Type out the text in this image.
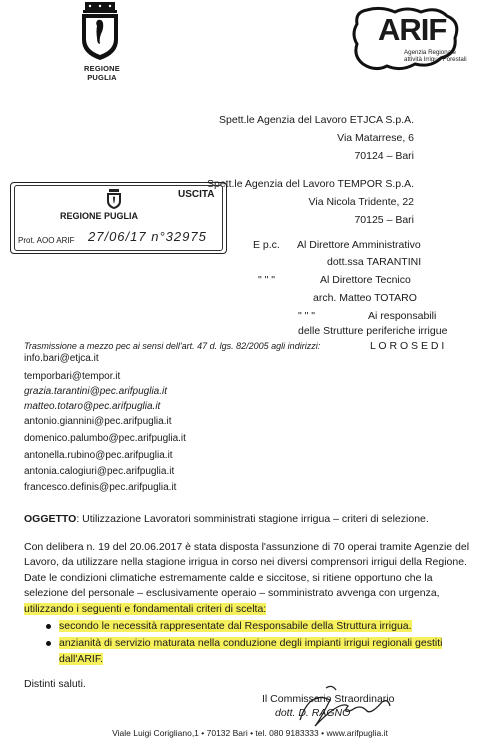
REGIONE PUGLIA
ARIF
Agenzia Regionale
attività Irrigue Forestali
Spett.le Agenzia del Lavoro ETJCA S.p.A.
Via Matarrese, 6
70124 – Bari
Spett.le Agenzia del Lavoro TEMPOR S.p.A.
Via Nicola Tridente, 22
70125 – Bari
E p.c. Al Direttore Amministrativo
dott.ssa TARANTINI
" " "	Al Direttore Tecnico
arch. Matteo TOTARO
" " "	Ai responsabili
delle Strutture periferiche irrigue
L O R O S E D I
USCITA
REGIONE PUGLIA
Prot. AOO ARIF 27/06/17 n°32975
Trasmissione a mezzo pec ai sensi dell'art. 47 d. lgs. 82/2005 agli indirizzi:
info.bari@etjca.it
temporbari@tempor.it
grazia.tarantini@pec.arifpuglia.it
matteo.totaro@pec.arifpuglia.it
antonio.giannini@pec.arifpuglia.it
domenico.palumbo@pec.arifpuglia.it
antonella.rubino@pec.arifpuglia.it
antonia.calogiuri@pec.arifpuglia.it
francesco.definis@pec.arifpuglia.it
OGGETTO: Utilizzazione Lavoratori somministrati stagione irrigua – criteri di selezione.
Con delibera n. 19 del 20.06.2017 è stata disposta l'assunzione di 70 operai tramite Agenzie del
Lavoro, da utilizzare nella stagione irrigua in corso nei diversi comprensori irrigui della Regione.
Date le condizioni climatiche estremamente calde e siccitose, si ritiene opportuno che la
selezione del personale – esclusivamente operaio – somministrato avvenga con urgenza,
utilizzando i seguenti e fondamentali criteri di scelta:
secondo le necessità rappresentate dal Responsabile della Struttura irrigua.
anzianità di servizio maturata nella conduzione degli impianti irrigui regionali gestiti
dall'ARIF.
Distinti saluti.
Il Commissario Straordinario
dott. D. RAGNO
Viale Luigi Corigliano,1 • 70132 Bari • tel. 080 9183333 • www.arifpuglia.it
